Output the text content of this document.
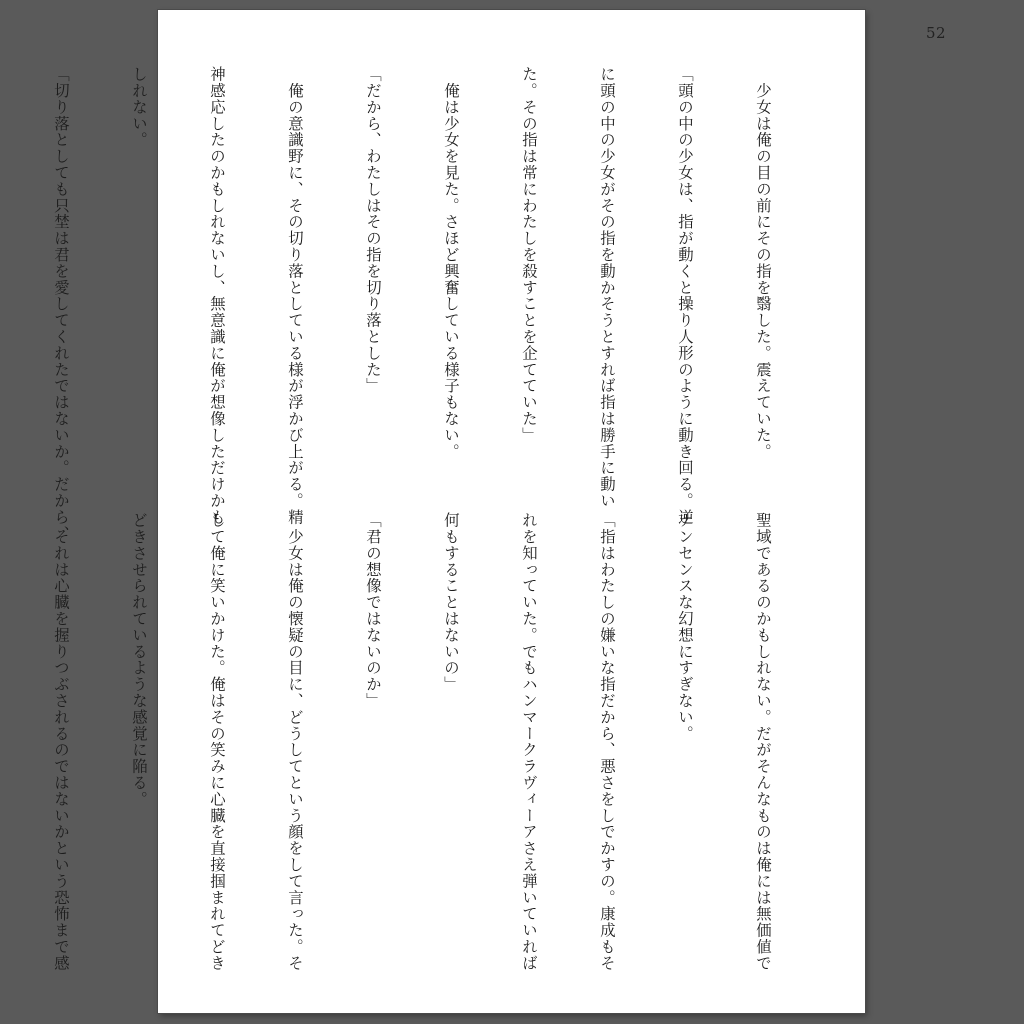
52

　少女は俺の目の前にその指を翳した。震えていた。

「頭の中の少女は、指が動くと操り人形のように動き回る。逆

に頭の中の少女がその指を動かそうとすれば指は勝手に動い

た。その指は常にわたしを殺すことを企てていた」

　俺は少女を見た。さほど興奮している様子もない。

「だから、わたしはその指を切り落とした」

　俺の意識野に、その切り落としている様が浮かび上がる。精

神感応したのかもしれないし、無意識に俺が想像しただけかも

しれない。

「切り落としても只埜は君を愛してくれたではないか。だから、

聖域であるのかもしれない。だがそんなものは俺には無価値で

ナンセンスな幻想にすぎない。

「指はわたしの嫌いな指だから、悪さをしでかすの。康成もそ

れを知っていた。でもハンマークラヴィーアさえ弾いていれば

何もすることはないの」

「君の想像ではないのか」

　少女は俺の懐疑の目に、どうしてという顔をして言った。そ

して俺に笑いかけた。俺はその笑みに心臓を直接掴まれてどき

どきさせられているような感覚に陥る。

　それは心臓を握りつぶされるのではないかという恐怖まで感
